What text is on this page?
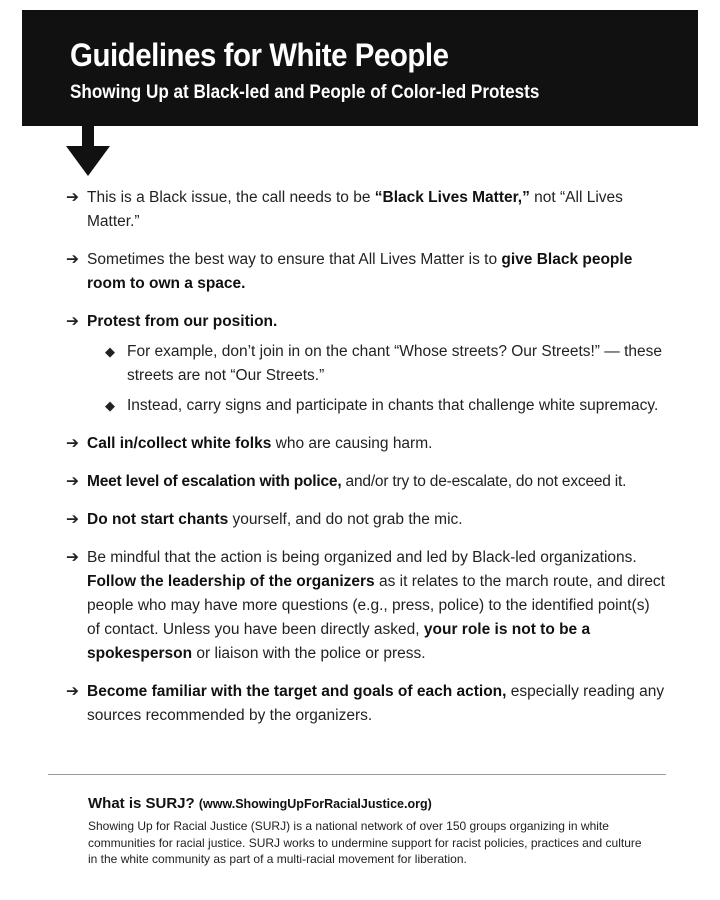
Guidelines for White People
Showing Up at Black-led and People of Color-led Protests
➔ This is a Black issue, the call needs to be “Black Lives Matter,” not “All Lives Matter.”
➔ Sometimes the best way to ensure that All Lives Matter is to give Black people room to own a space.
➔ Protest from our position.
◆ For example, don’t join in on the chant “Whose streets? Our Streets!” — these streets are not “Our Streets.”
◆ Instead, carry signs and participate in chants that challenge white supremacy.
➔ Call in/collect white folks who are causing harm.
➔ Meet level of escalation with police, and/or try to de-escalate, do not exceed it.
➔ Do not start chants yourself, and do not grab the mic.
➔ Be mindful that the action is being organized and led by Black-led organizations. Follow the leadership of the organizers as it relates to the march route, and direct people who may have more questions (e.g., press, police) to the identified point(s) of contact. Unless you have been directly asked, your role is not to be a spokesperson or liaison with the police or press.
➔ Become familiar with the target and goals of each action, especially reading any sources recommended by the organizers.
What is SURJ? (www.ShowingUpForRacialJustice.org)
Showing Up for Racial Justice (SURJ) is a national network of over 150 groups organizing in white communities for racial justice. SURJ works to undermine support for racist policies, practices and culture in the white community as part of a multi-racial movement for liberation.
